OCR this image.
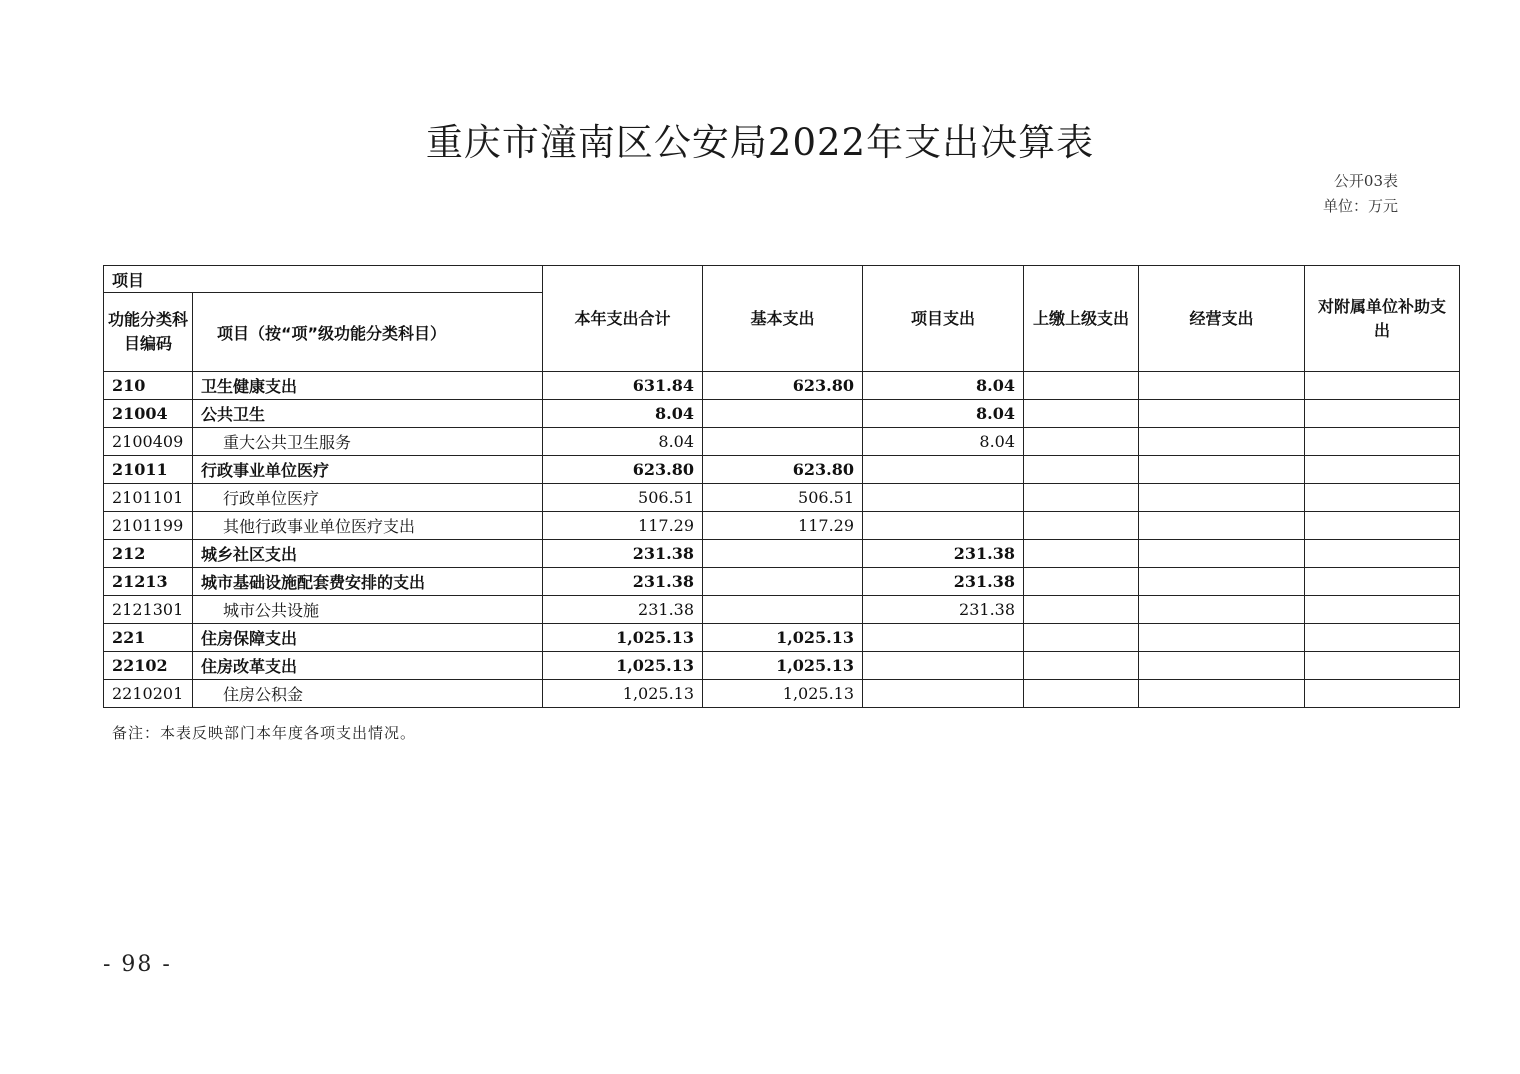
重庆市潼南区公安局2022年支出决算表
公开03表
单位：万元
项目		本年支出合计	基本支出	项目支出	上缴上级支出	经营支出	对附属单位补助支出
功能分类科目编码	项目（按“项”级功能分类科目）						
210	卫生健康支出	631.84	623.80	8.04			
21004	公共卫生	8.04		8.04			
2100409	重大公共卫生服务	8.04		8.04			
21011	行政事业单位医疗	623.80	623.80				
2101101	行政单位医疗	506.51	506.51				
2101199	其他行政事业单位医疗支出	117.29	117.29				
212	城乡社区支出	231.38		231.38			
21213	城市基础设施配套费安排的支出	231.38		231.38			
2121301	城市公共设施	231.38		231.38			
221	住房保障支出	1,025.13	1,025.13				
22102	住房改革支出	1,025.13	1,025.13				
2210201	住房公积金	1,025.13	1,025.13				
备注：本表反映部门本年度各项支出情况。
- 98 -
